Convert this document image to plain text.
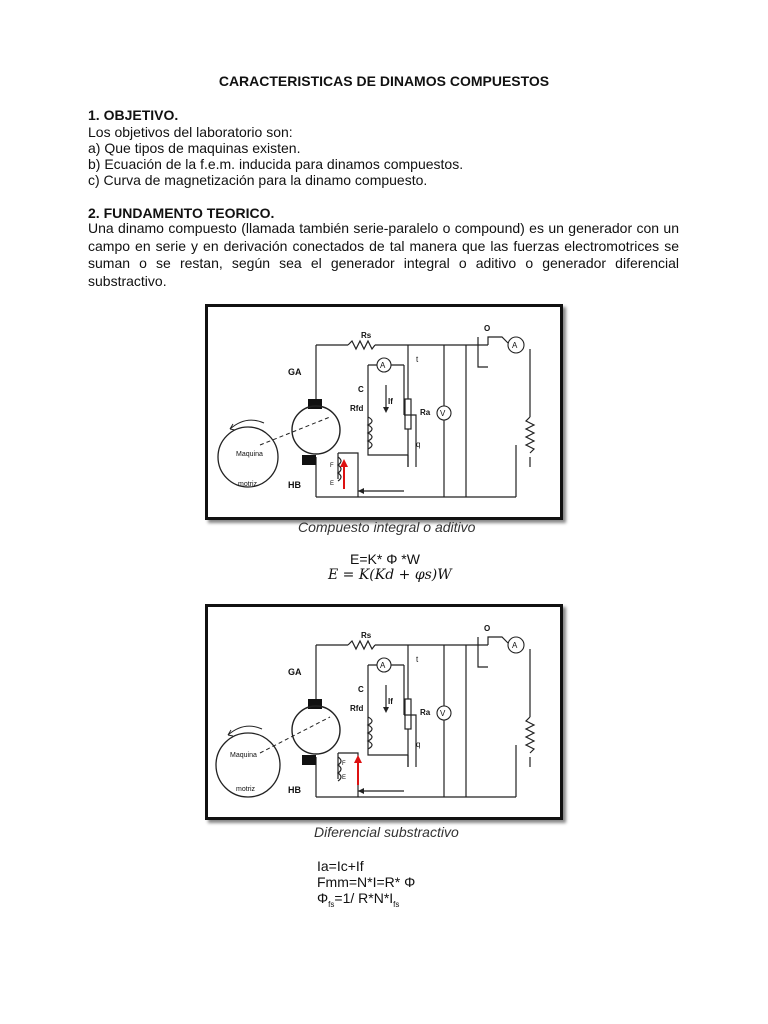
CARACTERISTICAS DE DINAMOS COMPUESTOS
1. OBJETIVO.
Los objetivos del laboratorio son:
a) Que tipos de maquinas existen.
b) Ecuación de la f.e.m. inducida para dinamos compuestos.
c) Curva de magnetización para la dinamo compuesto.
2. FUNDAMENTO TEORICO.
Una dinamo compuesto (llamada también serie-paralelo o compound) es un generador con un campo en serie y en derivación conectados de tal manera que las fuerzas electromotrices se suman o se restan, según sea el generador integral o aditivo o generador diferencial substractivo.
Rs
GA
HB
C
t
q
O
Rfd
If
Ra
A
V
A
F
E
Maquina
motriz
Compuesto integral o aditivo
E=K* Φ *W
E = K(Kd + φs)W
Rs
GA
HB
C
t
q
O
Rfd
If
Ra
A
V
A
F
E
Maquina
motriz
Diferencial substractivo
Ia=Ic+If
Fmm=N*I=R* Φ
$\Phi_{fs}=1/$ $R*N*I_{fs}$
